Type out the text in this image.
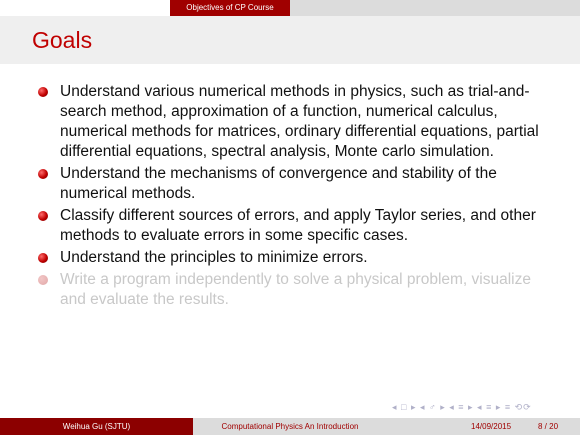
Objectives of CP Course
Goals
Understand various numerical methods in physics, such as trial-and-search method, approximation of a function, numerical calculus, numerical methods for matrices, ordinary differential equations, partial differential equations, spectral analysis, Monte carlo simulation.
Understand the mechanisms of convergence and stability of the numerical methods.
Classify different sources of errors, and apply Taylor series, and other methods to evaluate errors in some specific cases.
Understand the principles to minimize errors.
Write a program independently to solve a physical problem, visualize and evaluate the results.
◂ □ ▸ ◂ ♂ ▸ ◂ ≡ ▸ ◂ ≡ ▸ ≡ ⟲⟳
Weihua Gu (SJTU)	Computational Physics An Introduction	14/09/2015	8 / 20
